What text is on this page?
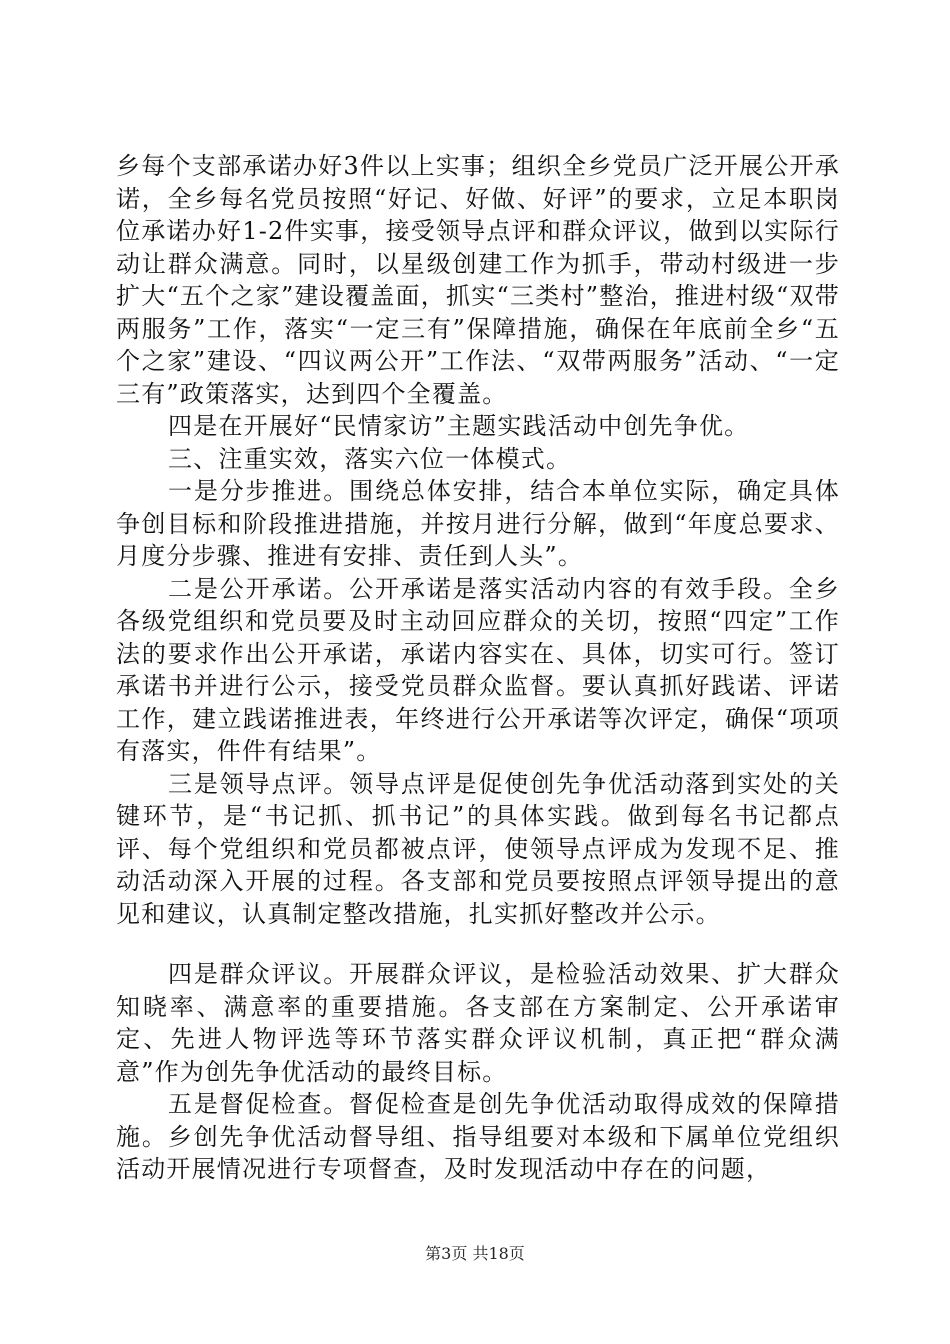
乡每个支部承诺办好3件以上实事；组织全乡党员广泛开展公开承诺，全乡每名党员按照“好记、好做、好评”的要求，立足本职岗位承诺办好1-2件实事，接受领导点评和群众评议，做到以实际行动让群众满意。同时，以星级创建工作为抓手，带动村级进一步扩大“五个之家”建设覆盖面，抓实“三类村”整治，推进村级“双带两服务”工作，落实“一定三有”保障措施，确保在年底前全乡“五个之家”建设、“四议两公开”工作法、“双带两服务”活动、“一定三有”政策落实，达到四个全覆盖。

四是在开展好“民情家访”主题实践活动中创先争优。

三、注重实效，落实六位一体模式。

一是分步推进。围绕总体安排，结合本单位实际，确定具体争创目标和阶段推进措施，并按月进行分解，做到“年度总要求、月度分步骤、推进有安排、责任到人头”。

二是公开承诺。公开承诺是落实活动内容的有效手段。全乡各级党组织和党员要及时主动回应群众的关切，按照“四定”工作法的要求作出公开承诺，承诺内容实在、具体，切实可行。签订承诺书并进行公示，接受党员群众监督。要认真抓好践诺、评诺工作，建立践诺推进表，年终进行公开承诺等次评定，确保“项项有落实，件件有结果”。

三是领导点评。领导点评是促使创先争优活动落到实处的关键环节，是“书记抓、抓书记”的具体实践。做到每名书记都点评、每个党组织和党员都被点评，使领导点评成为发现不足、推动活动深入开展的过程。各支部和党员要按照点评领导提出的意见和建议，认真制定整改措施，扎实抓好整改并公示。

四是群众评议。开展群众评议，是检验活动效果、扩大群众知晓率、满意率的重要措施。各支部在方案制定、公开承诺审定、先进人物评选等环节落实群众评议机制，真正把“群众满意”作为创先争优活动的最终目标。

五是督促检查。督促检查是创先争优活动取得成效的保障措施。乡创先争优活动督导组、指导组要对本级和下属单位党组织活动开展情况进行专项督查，及时发现活动中存在的问题，

第3页 共18页
